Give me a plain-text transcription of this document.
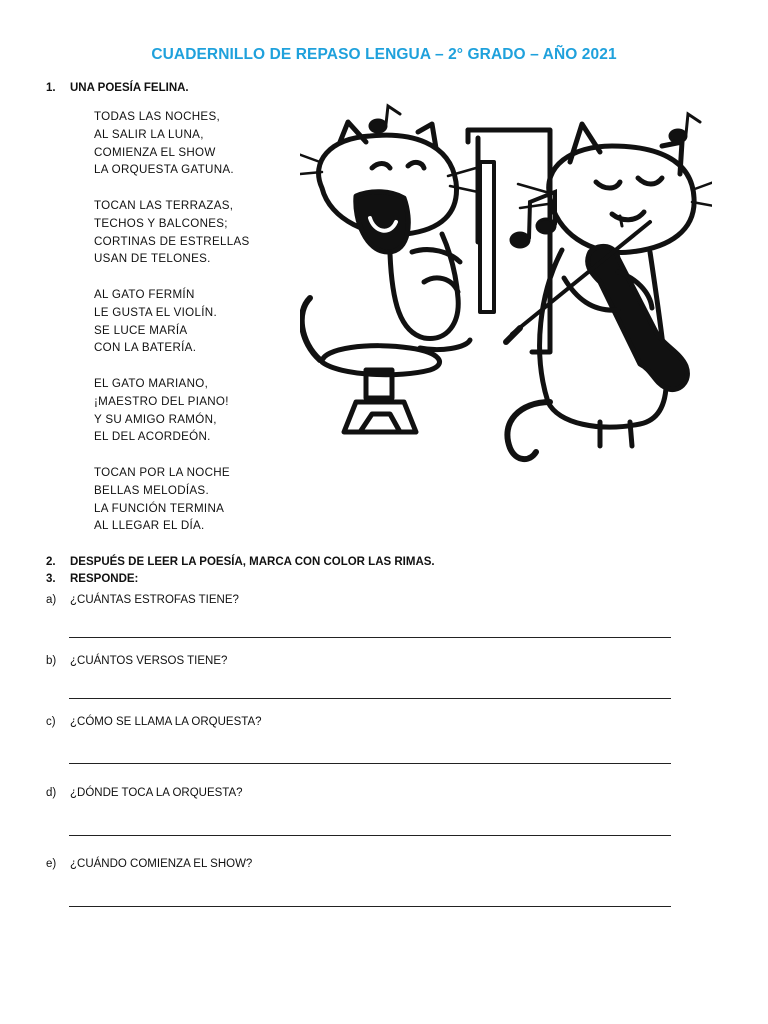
CUADERNILLO DE REPASO LENGUA – 2° GRADO – AÑO 2021
1.	UNA POESÍA FELINA.
TODAS LAS NOCHES,
AL SALIR LA LUNA,
COMIENZA EL SHOW
LA ORQUESTA GATUNA.
TOCAN LAS TERRAZAS,
TECHOS Y BALCONES;
CORTINAS DE ESTRELLAS
USAN DE TELONES.
AL GATO FERMÍN
LE GUSTA EL VIOLÍN.
SE LUCE MARÍA
CON LA BATERÍA.
EL GATO MARIANO,
¡MAESTRO DEL PIANO!
Y SU AMIGO RAMÓN,
EL DEL ACORDEÓN.
TOCAN POR LA NOCHE
BELLAS MELODÍAS.
LA FUNCIÓN TERMINA
AL LLEGAR EL DÍA.
2.	DESPUÉS DE LEER LA POESÍA, MARCA CON COLOR LAS RIMAS.
3.	RESPONDE:
a)	¿CUÁNTAS ESTROFAS TIENE?
b)	¿CUÁNTOS VERSOS TIENE?
c)	¿CÓMO SE LLAMA LA ORQUESTA?
d)	¿DÓNDE TOCA LA ORQUESTA?
e)	¿CUÁNDO COMIENZA EL SHOW?
